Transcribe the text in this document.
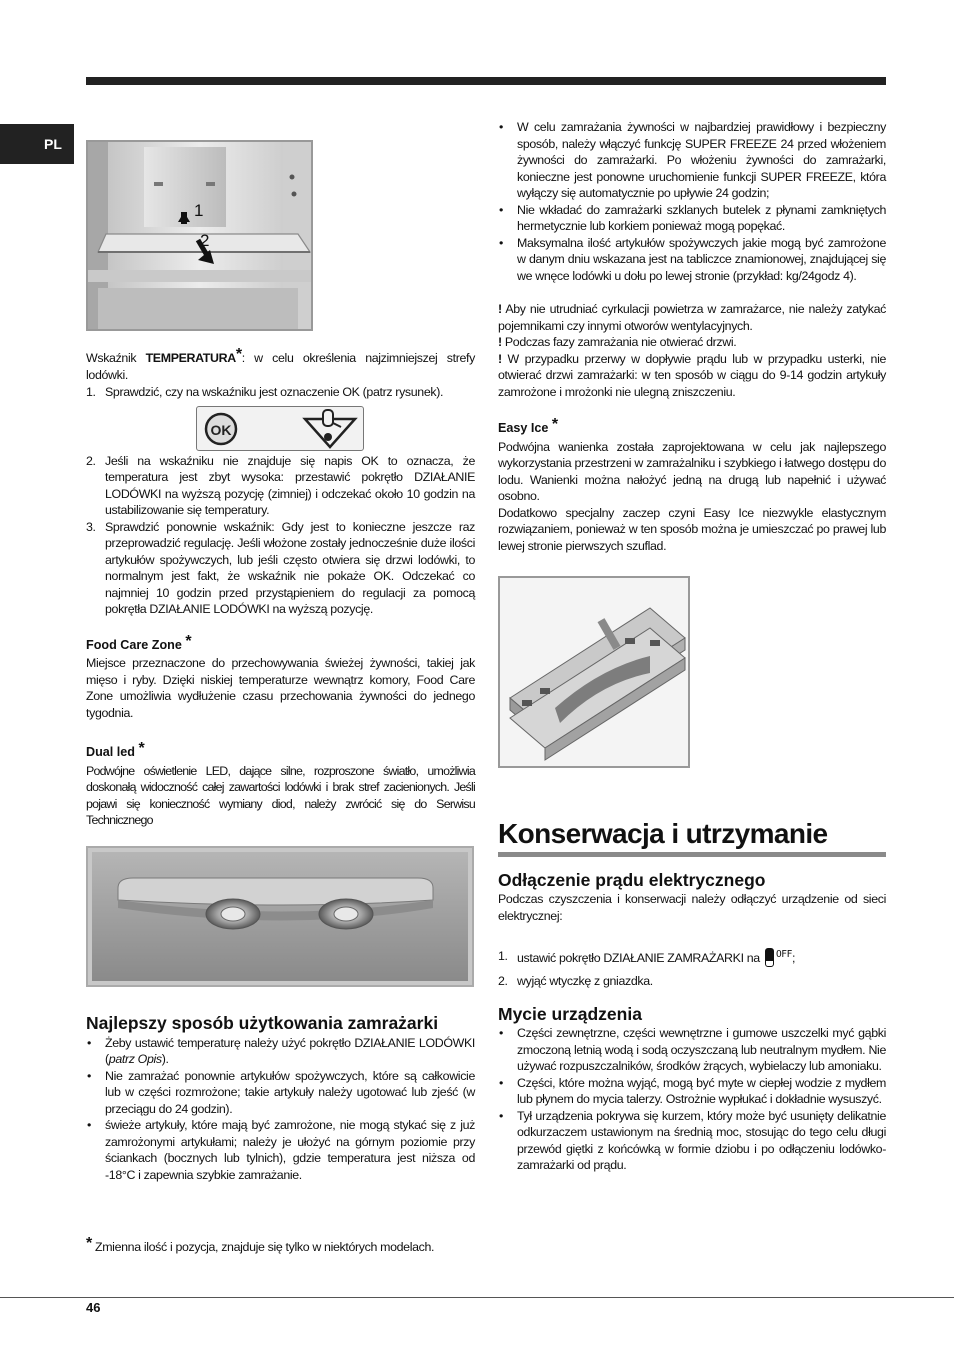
PL
1
2

Wskaźnik TEMPERATURA*: w celu określenia najzimniejszej strefy lodówki.

1. Sprawdzić, czy na wskaźniku jest oznaczenie OK (patrz rysunek).
OK
2. Jeśli na wskaźniku nie znajduje się napis OK to oznacza, że temperatura jest zbyt wysoka: przestawić pokrętło DZIAŁANIE LODÓWKI na wyższą pozycję (zimniej) i odczekać około 10 godzin na ustabilizowanie się temperatury.
3. Sprawdzić ponownie wskaźnik: Gdy jest to konieczne jeszcze raz przeprowadzić regulację. Jeśli włożone zostały jednocześnie duże ilości artykułów spożywczych, lub jeśli często otwiera się drzwi lodówki, to normalnym jest fakt, że wskaźnik nie pokaże OK. Odczekać co najmniej 10 godzin przed przystąpieniem do regulacji za pomocą pokrętła DZIAŁANIE LODÓWKI na wyższą pozycję.
Food Care Zone *

Miejsce przeznaczone do przechowywania świeżej żywności, takiej jak mięso i ryby. Dzięki niskiej temperaturze wewnątrz komory, Food Care Zone umożliwia wydłużenie czasu przechowania żywności do jednego tygodnia.

Dual led *

Podwójne oświetlenie LED, dające silne, rozproszone światło, umożliwia doskonałą widoczność całej zawartości lodówki i brak stref zacienionych. Jeśli pojawi się konieczność wymiany diod, należy zwrócić się do Serwisu Technicznego

Najlepszy sposób użytkowania zamrażarki
• Żeby ustawić temperaturę należy użyć pokrętło DZIAŁANIE LODÓWKI (patrz Opis).
• Nie zamrażać ponownie artykułów spożywczych, które są całkowicie lub w części rozmrożone; takie artykuły należy ugotować lub zjeść (w przeciągu do 24 godzin).
• świeże artykuły, które mają być zamrożone, nie mogą stykać się z już zamrożonymi artykułami; należy je ułożyć na górnym poziomie przy ściankach (bocznych lub tylnich), gdzie temperatura jest niższa od -18°C i zapewnia szybkie zamrażanie.

* Zmienna ilość i pozycja, znajduje się tylko w niektórych modelach.

• W celu zamrażania żywności w najbardziej prawidłowy i bezpieczny sposób, należy włączyć funkcję SUPER FREEZE 24 przed włożeniem żywności do zamrażarki. Po włożeniu żywności do zamrażarki, konieczne jest ponowne uruchomienie funkcji SUPER FREEZE, która wyłączy się automatycznie po upływie 24 godzin;
• Nie wkładać do zamrażarki szklanych butelek z płynami zamkniętych hermetycznie lub korkiem ponieważ mogą popękać.
• Maksymalna ilość artykułów spożywczych jakie mogą być zamrożone w danym dniu wskazana jest na tabliczce znamionowej, znajdującej się we wnęce lodówki u dołu po lewej stronie (przykład: kg/24godz 4).

! Aby nie utrudniać cyrkulacji powietrza w zamrażarce, nie należy zatykać pojemnikami czy innymi otworów wentylacyjnych.

! Podczas fazy zamrażania nie otwierać drzwi.

! W przypadku przerwy w dopływie prądu lub w przypadku usterki, nie otwierać drzwi zamrażarki: w ten sposób w ciągu do 9-14 godzin artykuły zamrożone i mrożonki nie ulegną zniszczeniu.

Easy Ice *

Podwójna wanienka została zaprojektowana w celu jak najlepszego wykorzystania przestrzeni w zamrażalniku i szybkiego i łatwego dostępu do lodu. Wanienki można nałożyć jedną na drugą lub napełnić i używać osobno.

Dodatkowo specjalny zaczep czyni Easy Ice niezwykle elastycznym rozwiązaniem, ponieważ w ten sposób można je umieszczać po prawej lub lewej stronie pierwszych szuflad.

Konserwacja i utrzymanie
Odłączenie prądu elektrycznego

Podczas czyszczenia i konserwacji należy odłączyć urządzenie od sieci elektrycznej:

1. ustawić pokrętło DZIAŁANIE ZAMRAŻARKI na $^{OFF}$;
2. wyjąć wtyczkę z gniazdka.
Mycie urządzenia
• Części zewnętrzne, części wewnętrzne i gumowe uszczelki myć gąbki zmoczoną letnią wodą i sodą oczyszczaną lub neutralnym mydłem. Nie używać rozpuszczalników, środków żrących, wybielaczy lub amoniaku.
• Części, które można wyjąć, mogą być myte w ciepłej wodzie z mydłem lub płynem do mycia talerzy. Ostrożnie wypłukać i dokładnie wysuszyć.
• Tył urządzenia pokrywa się kurzem, który może być usunięty delikatnie odkurzaczem ustawionym na średnią moc, stosując do tego celu długi przewód giętki z końcówką w formie dziobu i po odłączeniu lodówko- zamrażarki od prądu.
46
